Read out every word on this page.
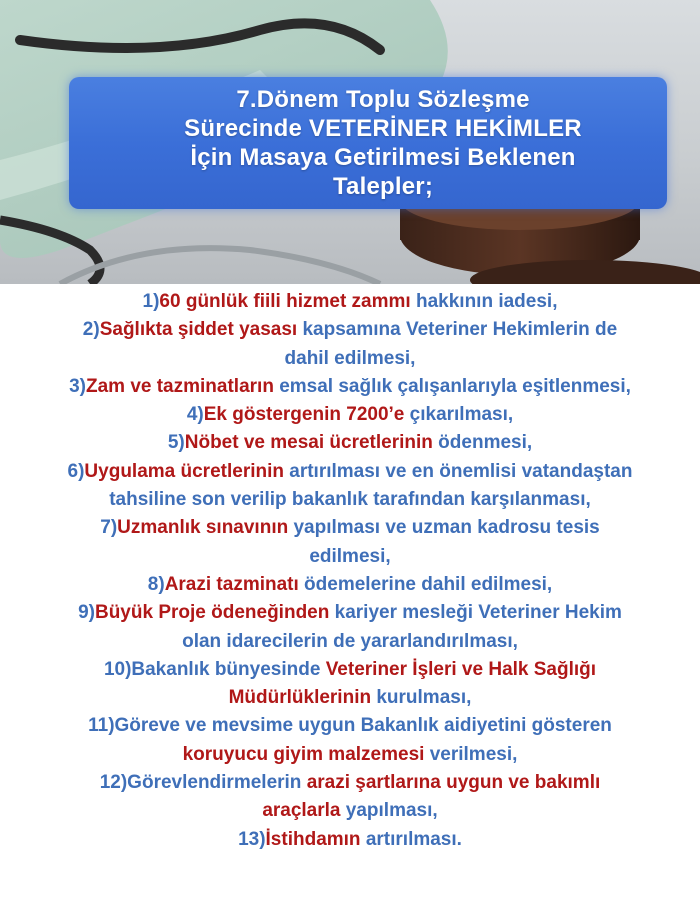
7.Dönem Toplu Sözleşme
Sürecinde VETERİNER HEKİMLER
İçin Masaya Getirilmesi Beklenen
Talepler;
1)60 günlük fiili hizmet zammı hakkının iadesi,
2)Sağlıkta şiddet yasası kapsamına Veteriner Hekimlerin de
dahil edilmesi,
3)Zam ve tazminatların emsal sağlık çalışanlarıyla eşitlenmesi,
4)Ek göstergenin 7200’e çıkarılması,
5)Nöbet ve mesai ücretlerinin ödenmesi,
6)Uygulama ücretlerinin artırılması ve en önemlisi vatandaştan
tahsiline son verilip bakanlık tarafından karşılanması,
7)Uzmanlık sınavının yapılması ve uzman kadrosu tesis
edilmesi,
8)Arazi tazminatı ödemelerine dahil edilmesi,
9)Büyük Proje ödeneğinden kariyer mesleği Veteriner Hekim
olan idarecilerin de yararlandırılması,
10)Bakanlık bünyesinde Veteriner İşleri ve Halk Sağlığı
Müdürlüklerinin kurulması,
11)Göreve ve mevsime uygun Bakanlık aidiyetini gösteren
koruyucu giyim malzemesi verilmesi,
12)Görevlendirmelerin arazi şartlarına uygun ve bakımlı
araçlarla yapılması,
13)İstihdamın artırılması.
